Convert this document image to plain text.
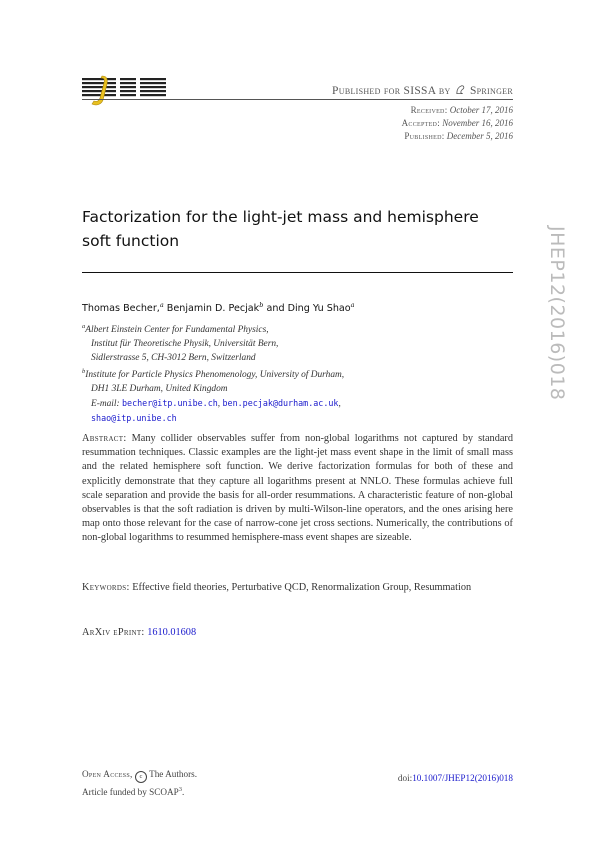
Published for SISSA by Springer
Received: October 17, 2016
Accepted: November 16, 2016
Published: December 5, 2016
Factorization for the light-jet mass and hemisphere
soft function	JHEP12(2016)018
Thomas Becher,$^a$ Benjamin D. Pecjak$^b$ and Ding Yu Shao$^a$
$^a$Albert Einstein Center for Fundamental Physics,
Institut für Theoretische Physik, Universität Bern,
Sidlerstrasse 5, CH-3012 Bern, Switzerland
$^b$Institute for Particle Physics Phenomenology, University of Durham,
DH1 3LE Durham, United Kingdom
E-mail: becher@itp.unibe.ch, ben.pecjak@durham.ac.uk,
shao@itp.unibe.ch
Abstract: Many collider observables suffer from non-global logarithms not captured by standard resummation techniques. Classic examples are the light-jet mass event shape in the limit of small mass and the related hemisphere soft function. We derive factorization formulas for both of these and explicitly demonstrate that they capture all logarithms present at NNLO. These formulas achieve full scale separation and provide the basis for all-order resummations. A characteristic feature of non-global observables is that the soft radiation is driven by multi-Wilson-line operators, and the ones arising here map onto those relevant for the case of narrow-cone jet cross sections. Numerically, the contributions of non-global logarithms to resummed hemisphere-mass event shapes are sizeable.
Keywords: Effective field theories, Perturbative QCD, Renormalization Group, Resummation
ArXiv ePrint: 1610.01608
Open Access, c The Authors.
Article funded by SCOAP$^3$.
doi:10.1007/JHEP12(2016)018
